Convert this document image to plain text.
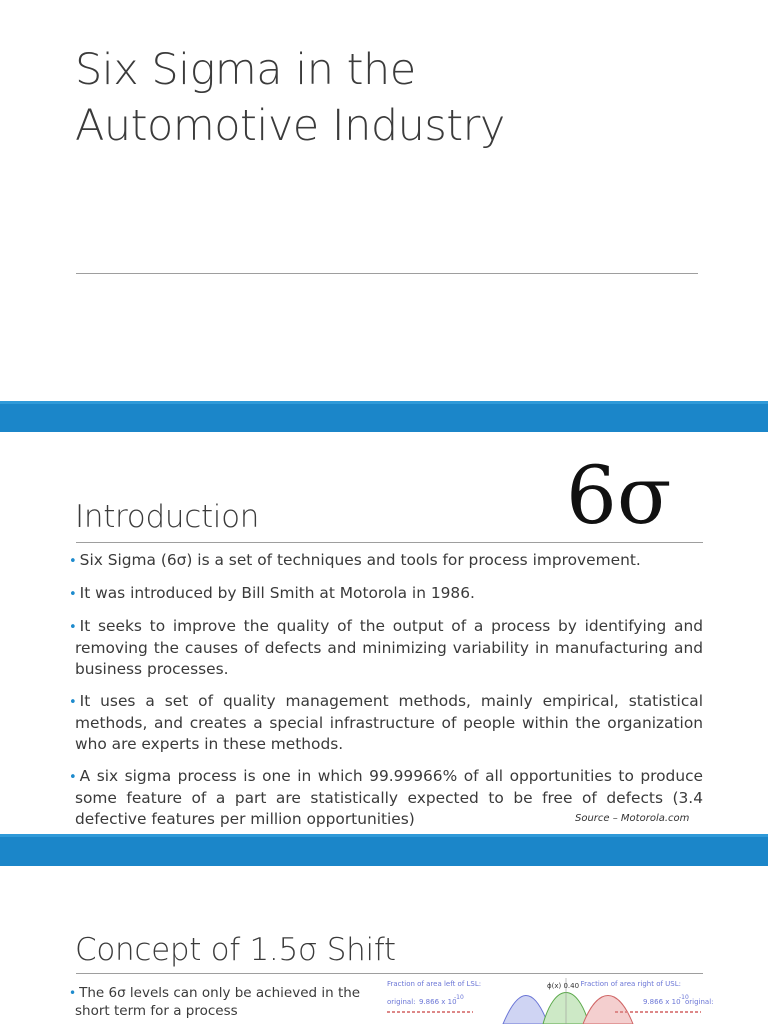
Six Sigma in the
Automotive Industry
Introduction	6σ
• Six Sigma (6σ) is a set of techniques and tools for process improvement.
• It was introduced by Bill Smith at Motorola in 1986.
• It seeks to improve the quality of the output of a process by identifying and removing the causes of defects and minimizing variability in manufacturing and business processes.
• It uses a set of quality management methods, mainly empirical, statistical methods, and creates a special infrastructure of people within the organization who are experts in these methods.
• A six sigma process is one in which 99.99966% of all opportunities to produce some feature of a part are statistically expected to be free of defects (3.4 defective features per million opportunities)	Source – Motorola.com
Concept of 1.5σ Shift
• The 6σ levels can only be achieved in the short term for a process
Fraction of area left of LSL:
original: 9.866 x 10
-10
ϕ(x) 0.40 Fraction of area right of USL:
original:
9.866 x 10
-10
